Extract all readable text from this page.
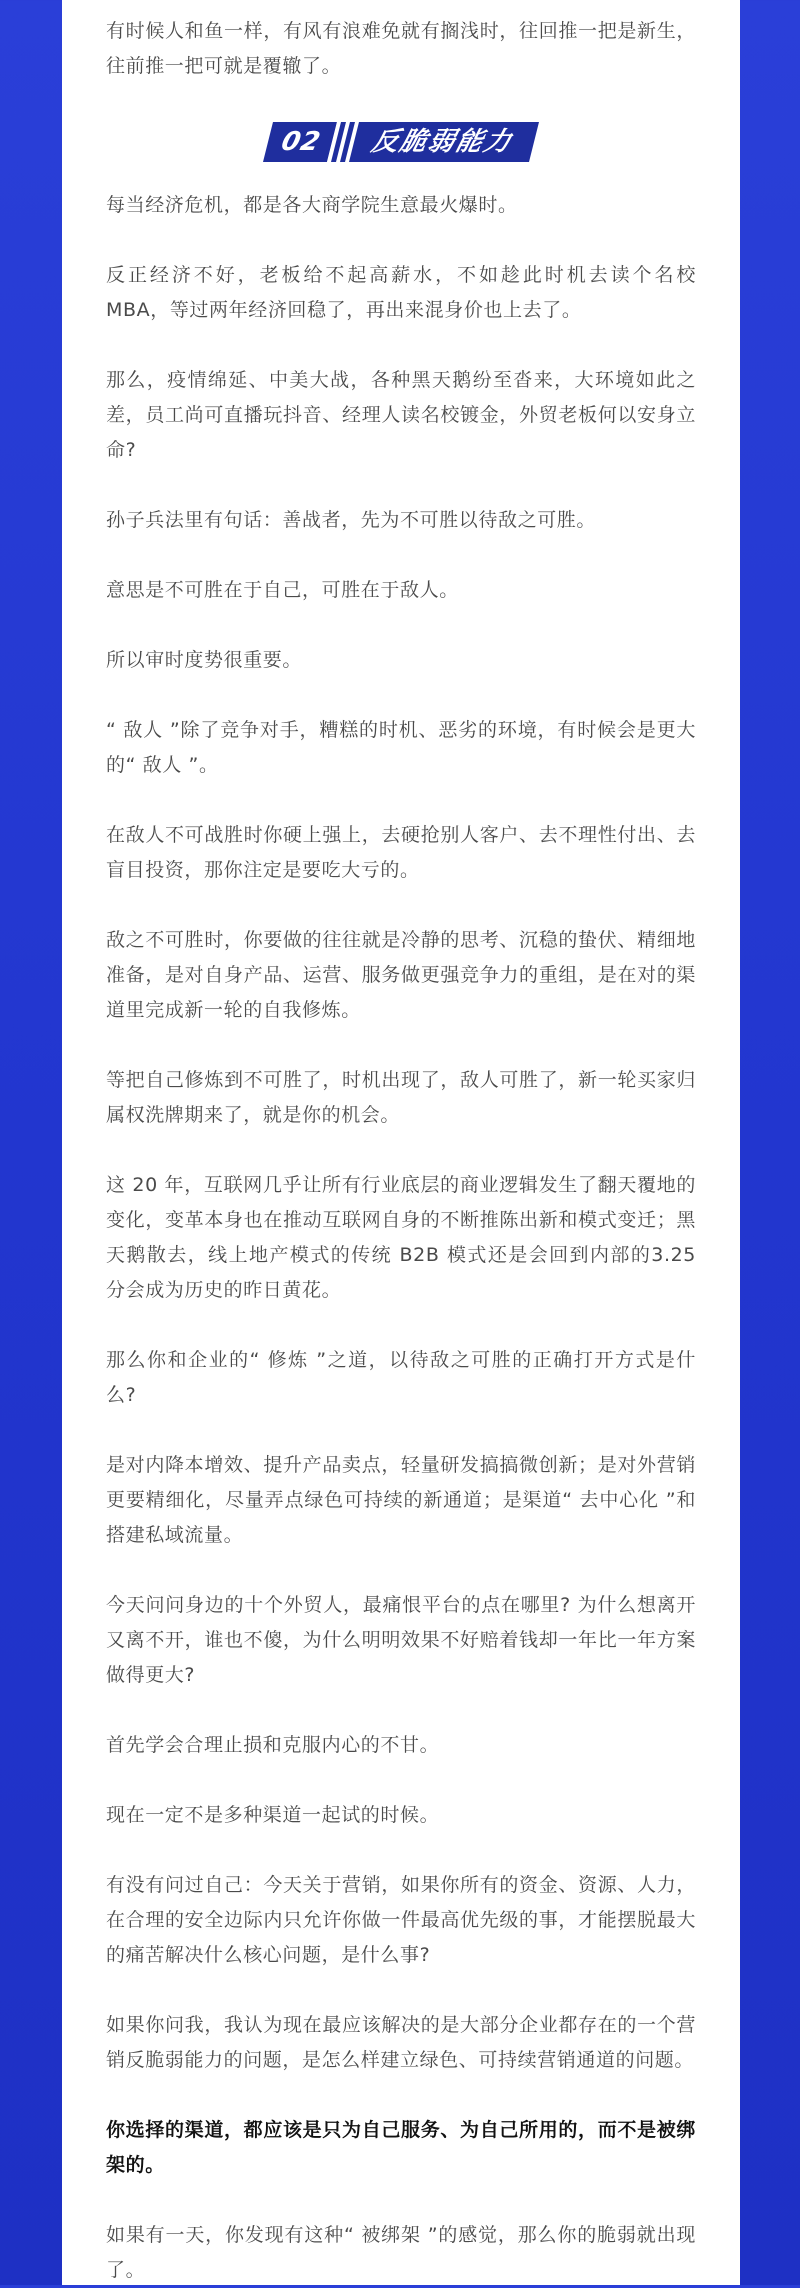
有时候人和鱼一样，有风有浪难免就有搁浅时，往回推一把是新生，往前推一把可就是覆辙了。

02	反脆弱能力

每当经济危机，都是各大商学院生意最火爆时。

反正经济不好，老板给不起高薪水，不如趁此时机去读个名校MBA，等过两年经济回稳了，再出来混身价也上去了。

那么，疫情绵延、中美大战，各种黑天鹅纷至沓来，大环境如此之差，员工尚可直播玩抖音、经理人读名校镀金，外贸老板何以安身立命?

孙子兵法里有句话：善战者，先为不可胜以待敌之可胜。

意思是不可胜在于自己，可胜在于敌人。

所以审时度势很重要。

“ 敌人 ”除了竞争对手，糟糕的时机、恶劣的环境，有时候会是更大的“ 敌人 ”。

在敌人不可战胜时你硬上强上，去硬抢别人客户、去不理性付出、去盲目投资，那你注定是要吃大亏的。

敌之不可胜时，你要做的往往就是冷静的思考、沉稳的蛰伏、精细地准备，是对自身产品、运营、服务做更强竞争力的重组，是在对的渠道里完成新一轮的自我修炼。

等把自己修炼到不可胜了，时机出现了，敌人可胜了，新一轮买家归属权洗牌期来了，就是你的机会。

这 20 年，互联网几乎让所有行业底层的商业逻辑发生了翻天覆地的变化，变革本身也在推动互联网自身的不断推陈出新和模式变迁；黑天鹅散去，线上地产模式的传统 B2B 模式还是会回到内部的3.25 分会成为历史的昨日黄花。

那么你和企业的“ 修炼 ”之道，以待敌之可胜的正确打开方式是什么?

是对内降本增效、提升产品卖点，轻量研发搞搞微创新；是对外营销更要精细化，尽量弄点绿色可持续的新通道；是渠道“ 去中心化 ”和搭建私域流量。

今天问问身边的十个外贸人，最痛恨平台的点在哪里? 为什么想离开又离不开，谁也不傻，为什么明明效果不好赔着钱却一年比一年方案做得更大?

首先学会合理止损和克服内心的不甘。

现在一定不是多种渠道一起试的时候。

有没有问过自己：今天关于营销，如果你所有的资金、资源、人力，在合理的安全边际内只允许你做一件最高优先级的事，才能摆脱最大的痛苦解决什么核心问题，是什么事?

如果你问我，我认为现在最应该解决的是大部分企业都存在的一个营销反脆弱能力的问题，是怎么样建立绿色、可持续营销通道的问题。

你选择的渠道，都应该是只为自己服务、为自己所用的，而不是被绑架的。

如果有一天，你发现有这种“ 被绑架 ”的感觉，那么你的脆弱就出现了。
